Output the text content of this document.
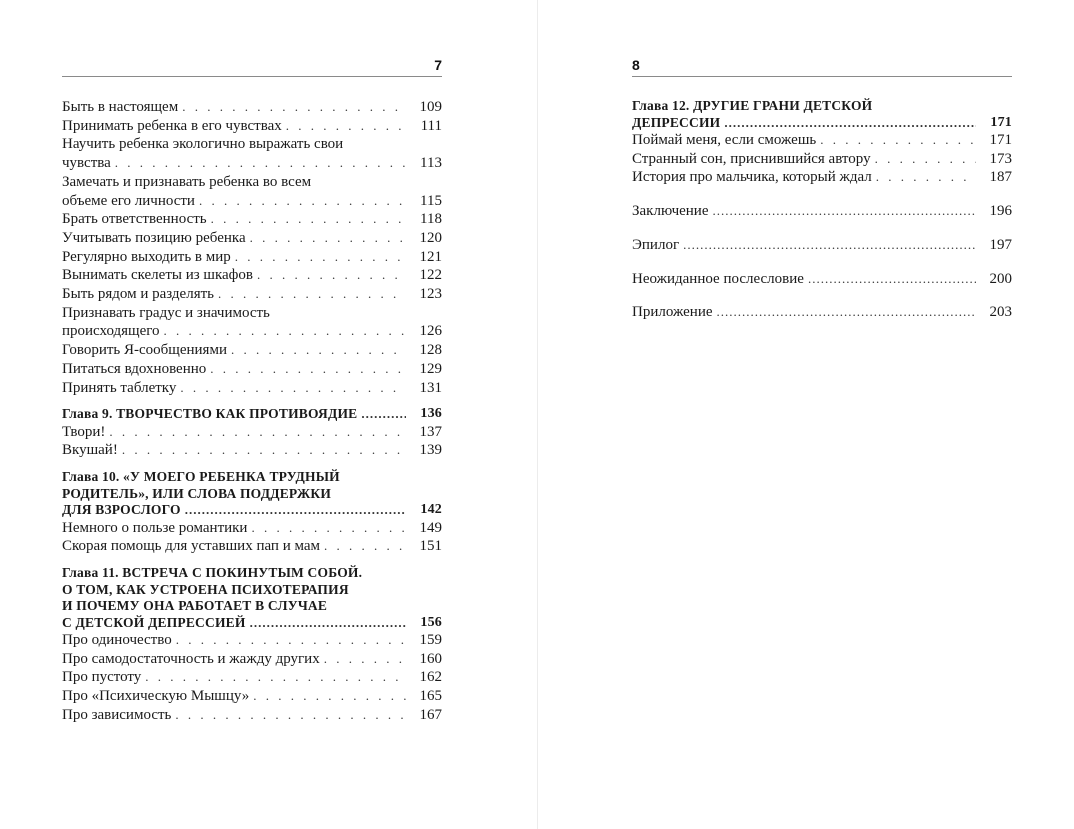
7
Быть в настоящем . . .	109
Принимать ребенка в его чувствах . . .	111
Научить ребенка экологично выражать свои
чувства . . .	113
Замечать и признавать ребенка во всем
объеме его личности . . .	115
Брать ответственность . . .	118
Учитывать позицию ребенка . . .	120
Регулярно выходить в мир . . .	121
Вынимать скелеты из шкафов . . .	122
Быть рядом и разделять . . .	123
Признавать градус и значимость
происходящего . . .	126
Говорить Я-сообщениями . . .	128
Питаться вдохновенно . . .	129
Принять таблетку . . .	131
Глава 9. ТВОРЧЕСТВО КАК ПРОТИВОЯДИЕ .....	136
Твори! . . .	137
Вкушай! . . .	139
Глава 10. «У МОЕГО РЕБЕНКА ТРУДНЫЙ
РОДИТЕЛЬ», ИЛИ СЛОВА ПОДДЕРЖКИ
ДЛЯ ВЗРОСЛОГО .....	142
Немного о пользе романтики . . .	149
Скорая помощь для уставших пап и мам . . .	151
Глава 11. ВСТРЕЧА С ПОКИНУТЫМ СОБОЙ.
О ТОМ, КАК УСТРОЕНА ПСИХОТЕРАПИЯ
И ПОЧЕМУ ОНА РАБОТАЕТ В СЛУЧАЕ
С ДЕТСКОЙ ДЕПРЕССИЕЙ .....	156
Про одиночество . . .	159
Про самодостаточность и жажду других . . .	160
Про пустоту . . .	162
Про «Психическую Мышцу» . . .	165
Про зависимость . . .	167
8
Глава 12. ДРУГИЕ ГРАНИ ДЕТСКОЙ
ДЕПРЕССИИ .....	171
Поймай меня, если сможешь . . .	171
Странный сон, приснившийся автору . . .	173
История про мальчика, который ждал . . .	187
Заключение .....	196
Эпилог .....	197
Неожиданное послесловие .....	200
Приложение .....	203
